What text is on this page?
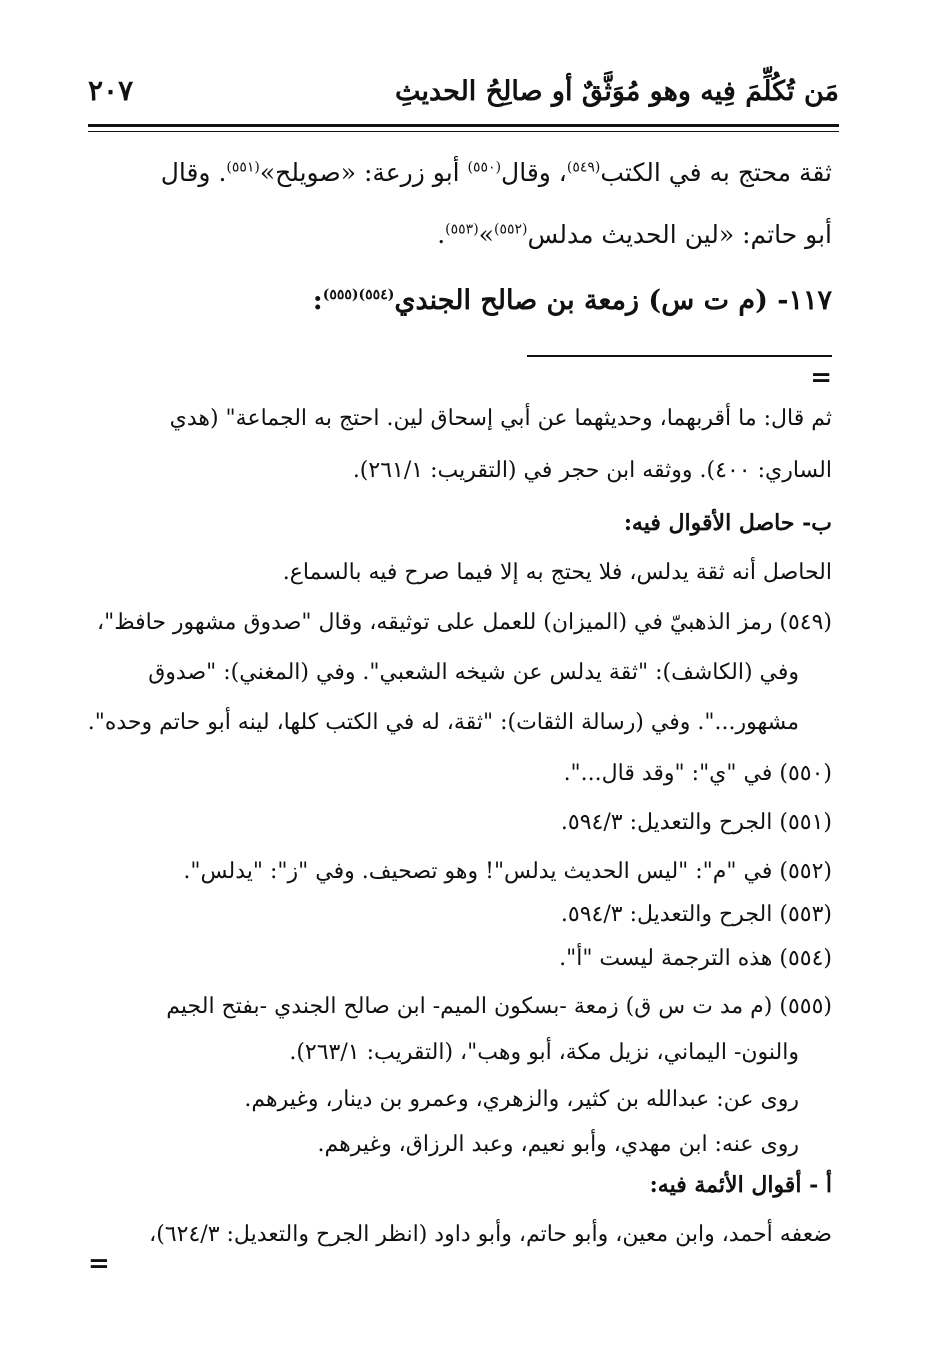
مَن تُكُلِّمَ فِيه وهو مُوَثَّقٌ أو صالِحُ الحديثِ
٢٠٧
ثقة محتج به في الكتب$^{(٥٤٩)}$، وقال$^{(٥٥٠)}$ أبو زرعة: «صويلح»$^{(٥٥١)}$. وقال
أبو حاتم: «لين الحديث مدلس$^{(٥٥٢)}$»$^{(٥٥٣)}$.
١١٧- (م ت س) زمعة بن صالح الجندي$^{(٥٥٤)(٥٥٥)}$:
=
ثم قال: ما أقربهما، وحديثهما عن أبي إسحاق لين. احتج به الجماعة" (هدي
الساري: ٤٠٠). ووثقه ابن حجر في (التقريب: ٢٦١/١).
ب- حاصل الأقوال فيه:
الحاصل أنه ثقة يدلس، فلا يحتج به إلا فيما صرح فيه بالسماع.
(٥٤٩) رمز الذهبيّ في (الميزان) للعمل على توثيقه، وقال "صدوق مشهور حافظ"،
وفي (الكاشف): "ثقة يدلس عن شيخه الشعبي". وفي (المغني): "صدوق
مشهور...". وفي (رسالة الثقات): "ثقة، له في الكتب كلها، لينه أبو حاتم وحده".
(٥٥٠) في "ي": "وقد قال...".
(٥٥١) الجرح والتعديل: ٥٩٤/٣.
(٥٥٢) في "م": "ليس الحديث يدلس"! وهو تصحيف. وفي "ز": "يدلس".
(٥٥٣) الجرح والتعديل: ٥٩٤/٣.
(٥٥٤) هذه الترجمة ليست "أ".
(٥٥٥) (م مد ت س ق) زمعة -بسكون الميم- ابن صالح الجندي -بفتح الجيم
والنون- اليماني، نزيل مكة، أبو وهب"، (التقريب: ٢٦٣/١).
روى عن: عبدالله بن كثير، والزهري، وعمرو بن دينار، وغيرهم.
روى عنه: ابن مهدي، وأبو نعيم، وعبد الرزاق، وغيرهم.
أ - أقوال الأئمة فيه:
ضعفه أحمد، وابن معين، وأبو حاتم، وأبو داود (انظر الجرح والتعديل: ٦٢٤/٣)،
=
